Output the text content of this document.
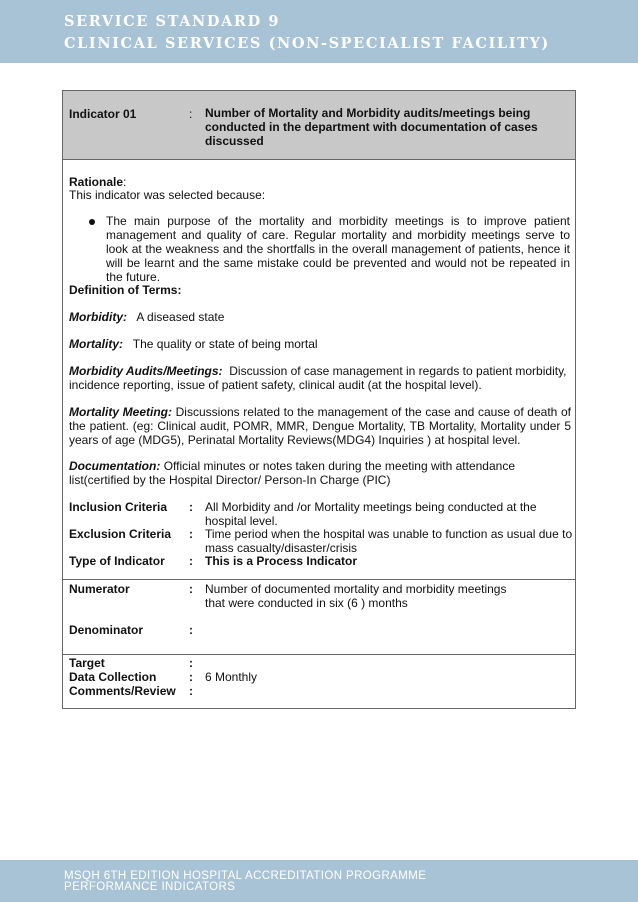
SERVICE STANDARD 9
CLINICAL SERVICES (NON-SPECIALIST FACILITY)
Indicator 01	: Number of Mortality and Morbidity audits/meetings being conducted in the department with documentation of cases discussed
Rationale:
This indicator was selected because:
The main purpose of the mortality and morbidity meetings is to improve patient management and quality of care. Regular mortality and morbidity meetings serve to look at the weakness and the shortfalls in the overall management of patients, hence it will be learnt and the same mistake could be prevented and would not be repeated in the future.
Definition of Terms:
Morbidity: A diseased state
Mortality: The quality or state of being mortal
Morbidity Audits/Meetings: Discussion of case management in regards to patient morbidity, incidence reporting, issue of patient safety, clinical audit (at the hospital level).
Mortality Meeting: Discussions related to the management of the case and cause of death of the patient. (eg: Clinical audit, POMR, MMR, Dengue Mortality, TB Mortality, Mortality under 5 years of age (MDG5), Perinatal Mortality Reviews(MDG4) Inquiries ) at hospital level.
Documentation: Official minutes or notes taken during the meeting with attendance list(certified by the Hospital Director/ Person-In Charge (PIC)
Inclusion Criteria : All Morbidity and /or Mortality meetings being conducted at the hospital level.
Exclusion Criteria : Time period when the hospital was unable to function as usual due to mass casualty/disaster/crisis
Type of Indicator : This is a Process Indicator
Numerator	: Number of documented mortality and morbidity meetings that were conducted in six (6 ) months
Denominator	:
Target	:
Data Collection	: 6 Monthly
Comments/Review :
MSQH 6TH EDITION HOSPITAL ACCREDITATION PROGRAMME
PERFORMANCE INDICATORS
